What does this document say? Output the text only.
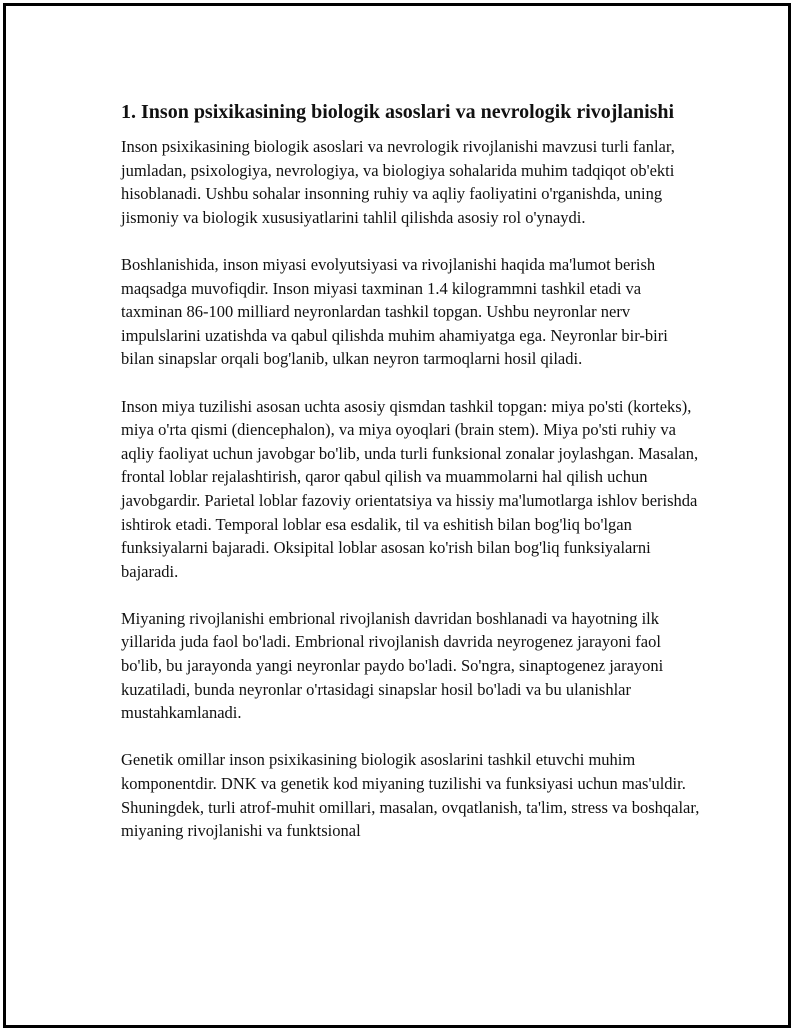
1. Inson psixikasining biologik asoslari va nevrologik rivojlanishi

Inson psixikasining biologik asoslari va nevrologik rivojlanishi mavzusi turli fanlar, jumladan, psixologiya, nevrologiya, va biologiya sohalarida muhim tadqiqot ob'ekti hisoblanadi. Ushbu sohalar insonning ruhiy va aqliy faoliyatini o'rganishda, uning jismoniy va biologik xususiyatlarini tahlil qilishda asosiy rol o'ynaydi.

Boshlanishida, inson miyasi evolyutsiyasi va rivojlanishi haqida ma'lumot berish maqsadga muvofiqdir. Inson miyasi taxminan 1.4 kilogrammni tashkil etadi va taxminan 86-100 milliard neyronlardan tashkil topgan. Ushbu neyronlar nerv impulslarini uzatishda va qabul qilishda muhim ahamiyatga ega. Neyronlar bir-biri bilan sinapslar orqali bog'lanib, ulkan neyron tarmoqlarni hosil qiladi.

Inson miya tuzilishi asosan uchta asosiy qismdan tashkil topgan: miya po'sti (korteks), miya o'rta qismi (diencephalon), va miya oyoqlari (brain stem). Miya po'sti ruhiy va aqliy faoliyat uchun javobgar bo'lib, unda turli funksional zonalar joylashgan. Masalan, frontal loblar rejalashtirish, qaror qabul qilish va muammolarni hal qilish uchun javobgardir. Parietal loblar fazoviy orientatsiya va hissiy ma'lumotlarga ishlov berishda ishtirok etadi. Temporal loblar esa esdalik, til va eshitish bilan bog'liq bo'lgan funksiyalarni bajaradi. Oksipital loblar asosan ko'rish bilan bog'liq funksiyalarni bajaradi.

Miyaning rivojlanishi embrional rivojlanish davridan boshlanadi va hayotning ilk yillarida juda faol bo'ladi. Embrional rivojlanish davrida neyrogenez jarayoni faol bo'lib, bu jarayonda yangi neyronlar paydo bo'ladi. So'ngra, sinaptogenez jarayoni kuzatiladi, bunda neyronlar o'rtasidagi sinapslar hosil bo'ladi va bu ulanishlar mustahkamlanadi.

Genetik omillar inson psixikasining biologik asoslarini tashkil etuvchi muhim komponentdir. DNK va genetik kod miyaning tuzilishi va funksiyasi uchun mas'uldir. Shuningdek, turli atrof-muhit omillari, masalan, ovqatlanish, ta'lim, stress va boshqalar, miyaning rivojlanishi va funktsional
